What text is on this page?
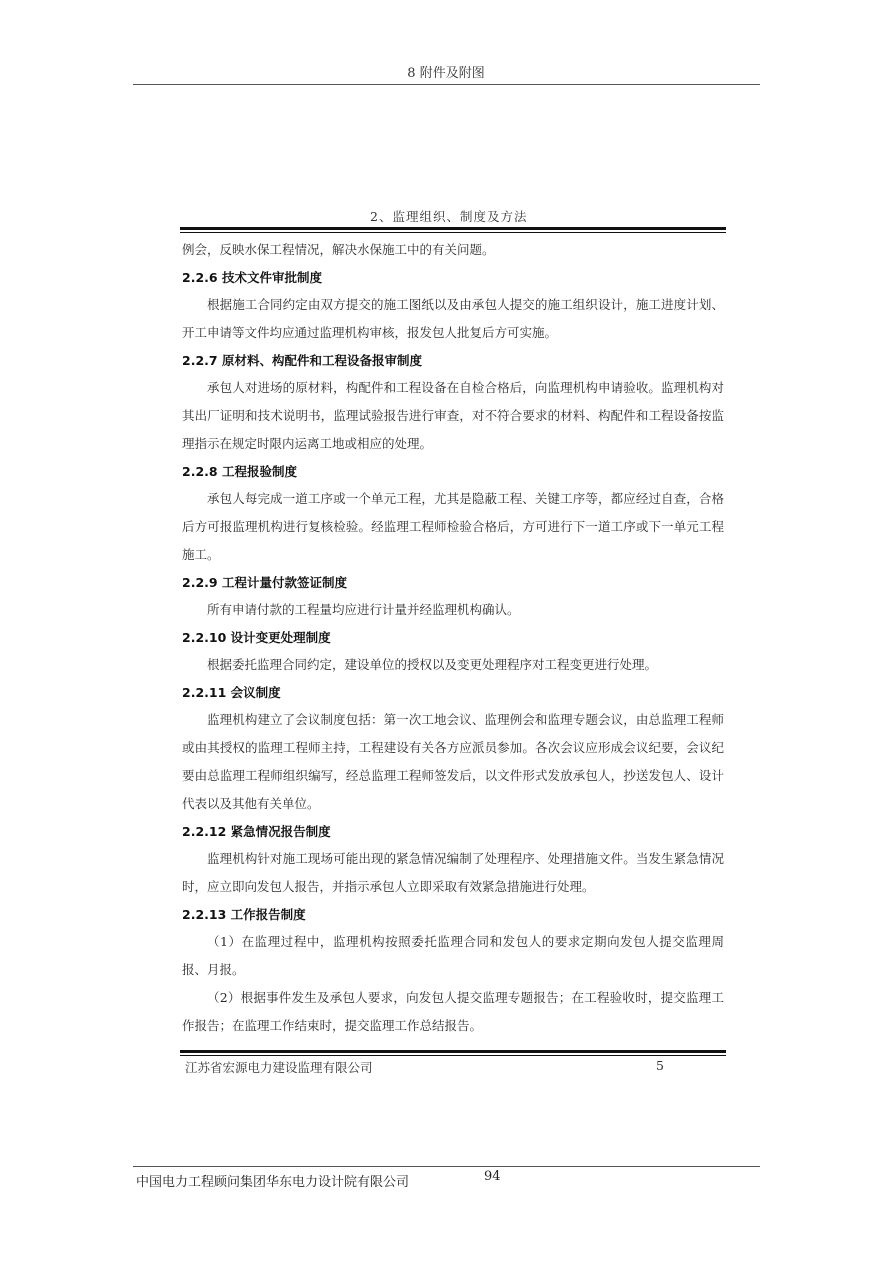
8 附件及附图
2、监理组织、制度及方法

例会，反映水保工程情况，解决水保施工中的有关问题。

2.2.6 技术文件审批制度

根据施工合同约定由双方提交的施工图纸以及由承包人提交的施工组织设计，施工进度计划、开工申请等文件均应通过监理机构审核，报发包人批复后方可实施。

2.2.7 原材料、构配件和工程设备报审制度

承包人对进场的原材料，构配件和工程设备在自检合格后，向监理机构申请验收。监理机构对其出厂证明和技术说明书，监理试验报告进行审查，对不符合要求的材料、构配件和工程设备按监理指示在规定时限内运离工地或相应的处理。

2.2.8 工程报验制度

承包人每完成一道工序或一个单元工程，尤其是隐蔽工程、关键工序等，都应经过自查，合格后方可报监理机构进行复核检验。经监理工程师检验合格后，方可进行下一道工序或下一单元工程施工。

2.2.9 工程计量付款签证制度

所有申请付款的工程量均应进行计量并经监理机构确认。

2.2.10 设计变更处理制度

根据委托监理合同约定，建设单位的授权以及变更处理程序对工程变更进行处理。

2.2.11 会议制度

监理机构建立了会议制度包括：第一次工地会议、监理例会和监理专题会议，由总监理工程师或由其授权的监理工程师主持，工程建设有关各方应派员参加。各次会议应形成会议纪要，会议纪要由总监理工程师组织编写，经总监理工程师签发后，以文件形式发放承包人，抄送发包人、设计代表以及其他有关单位。

2.2.12 紧急情况报告制度

监理机构针对施工现场可能出现的紧急情况编制了处理程序、处理措施文件。当发生紧急情况时，应立即向发包人报告，并指示承包人立即采取有效紧急措施进行处理。

2.2.13 工作报告制度

（1）在监理过程中，监理机构按照委托监理合同和发包人的要求定期向发包人提交监理周报、月报。

（2）根据事件发生及承包人要求，向发包人提交监理专题报告；在工程验收时，提交监理工作报告；在监理工作结束时，提交监理工作总结报告。

江苏省宏源电力建设监理有限公司	5
中国电力工程顾问集团华东电力设计院有限公司	94
